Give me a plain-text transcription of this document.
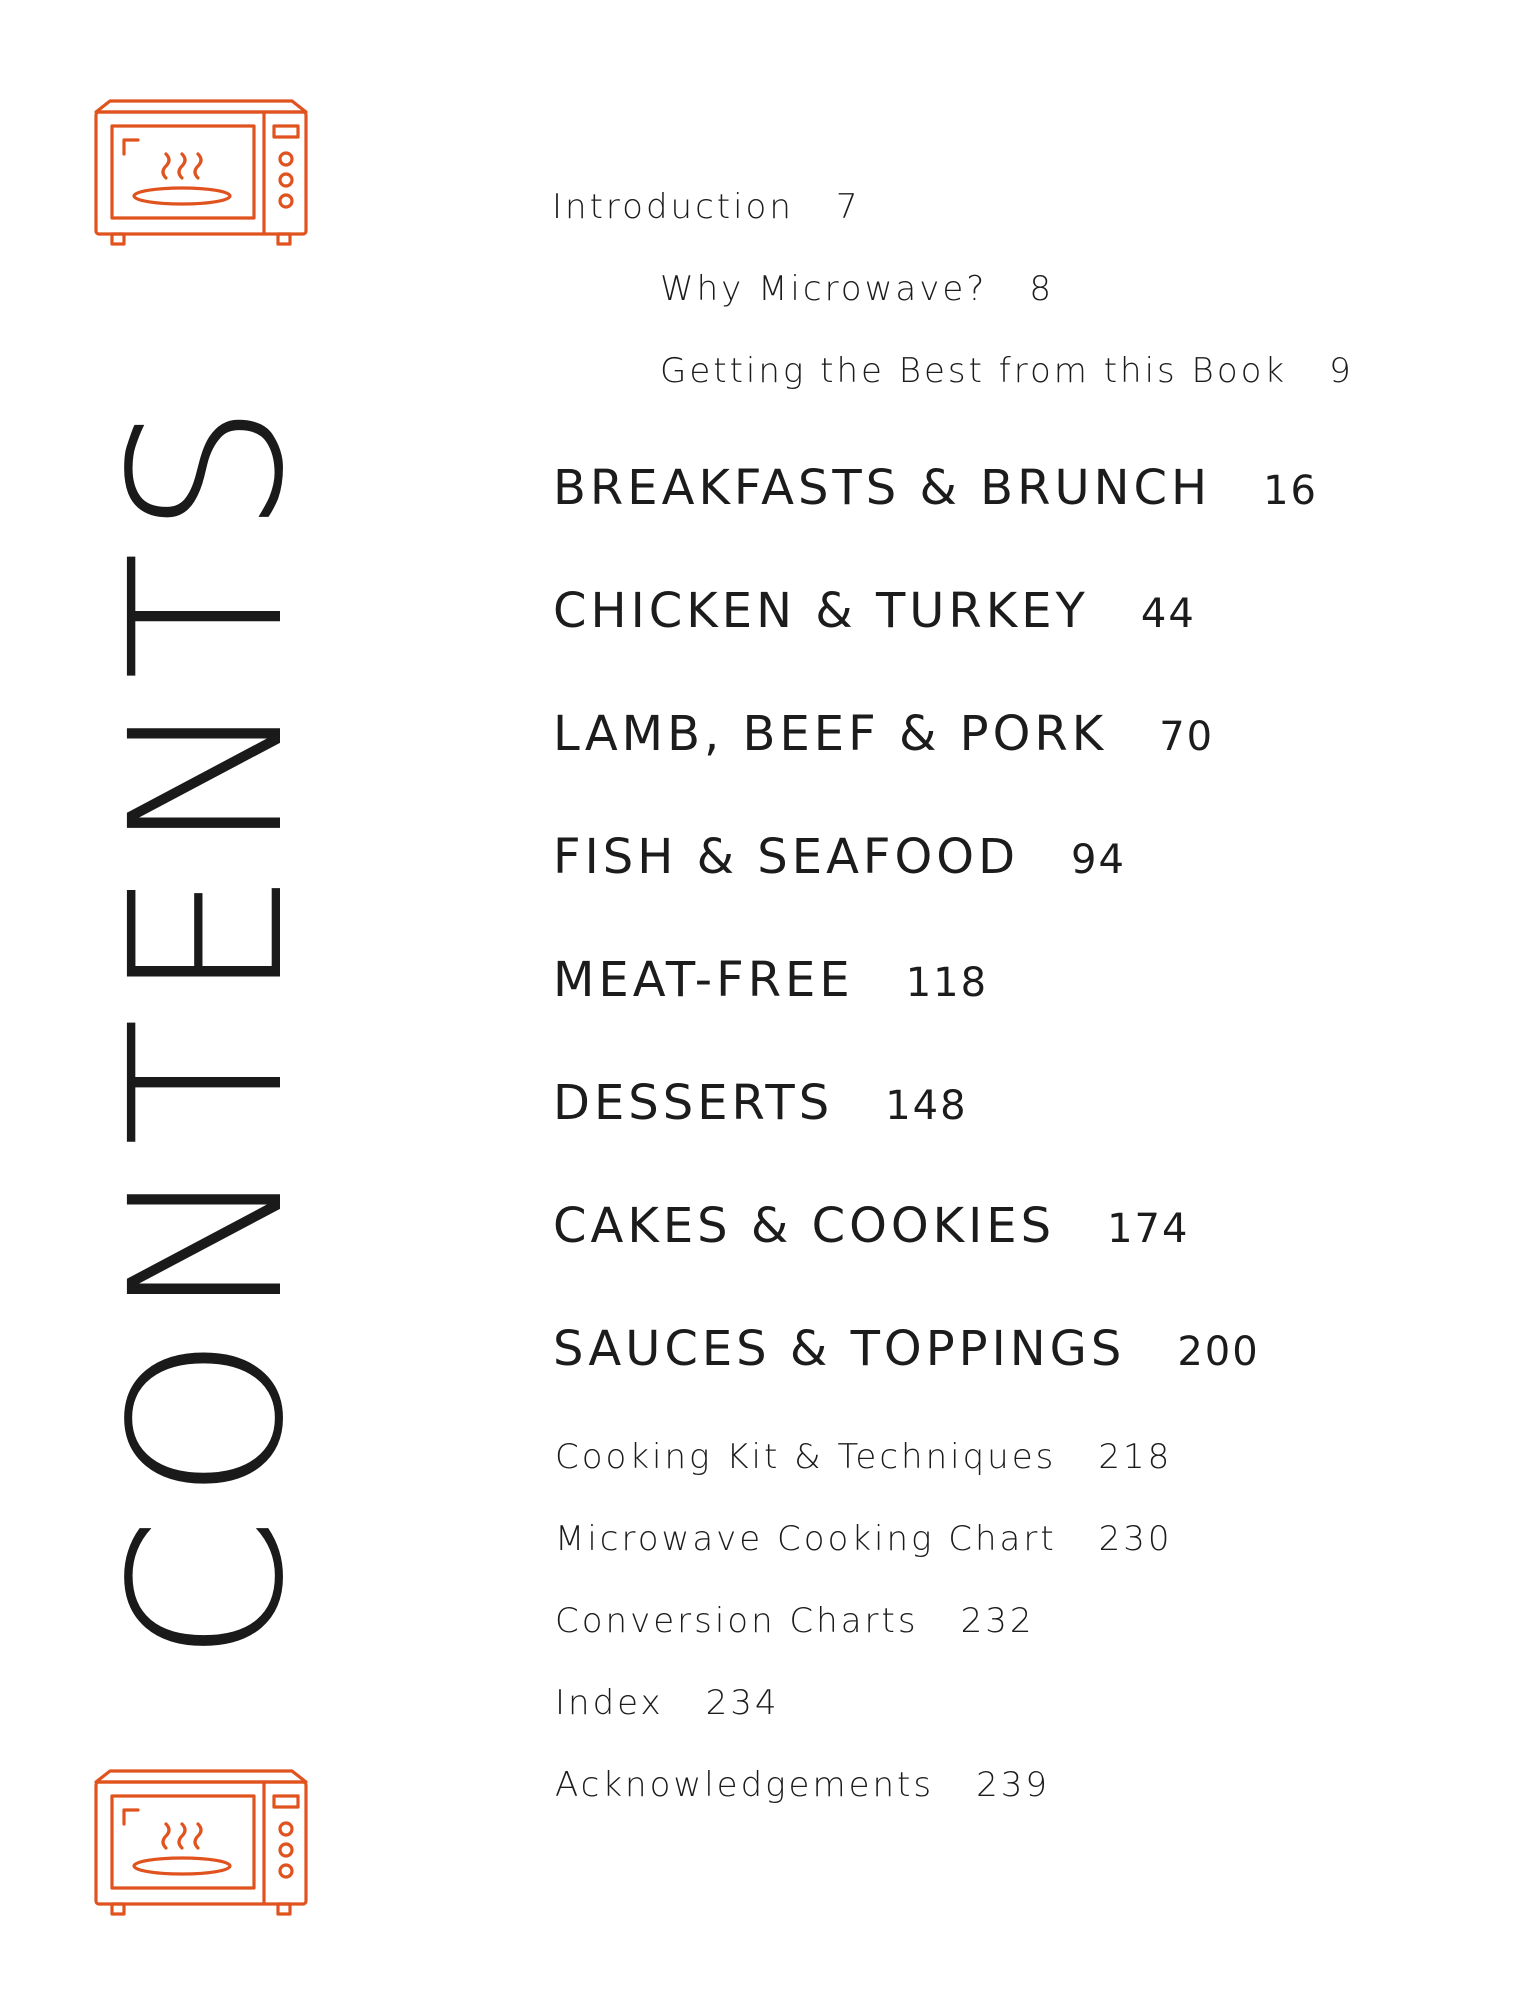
CONTENTS
Introduction 7
Why Microwave? 8
Getting the Best from this Book 9
BREAKFASTS & BRUNCH 16
CHICKEN & TURKEY 44
LAMB, BEEF & PORK 70
FISH & SEAFOOD 94
MEAT-FREE 118
DESSERTS 148
CAKES & COOKIES 174
SAUCES & TOPPINGS 200
Cooking Kit & Techniques 218
Microwave Cooking Chart 230
Conversion Charts 232
Index 234
Acknowledgements 239
